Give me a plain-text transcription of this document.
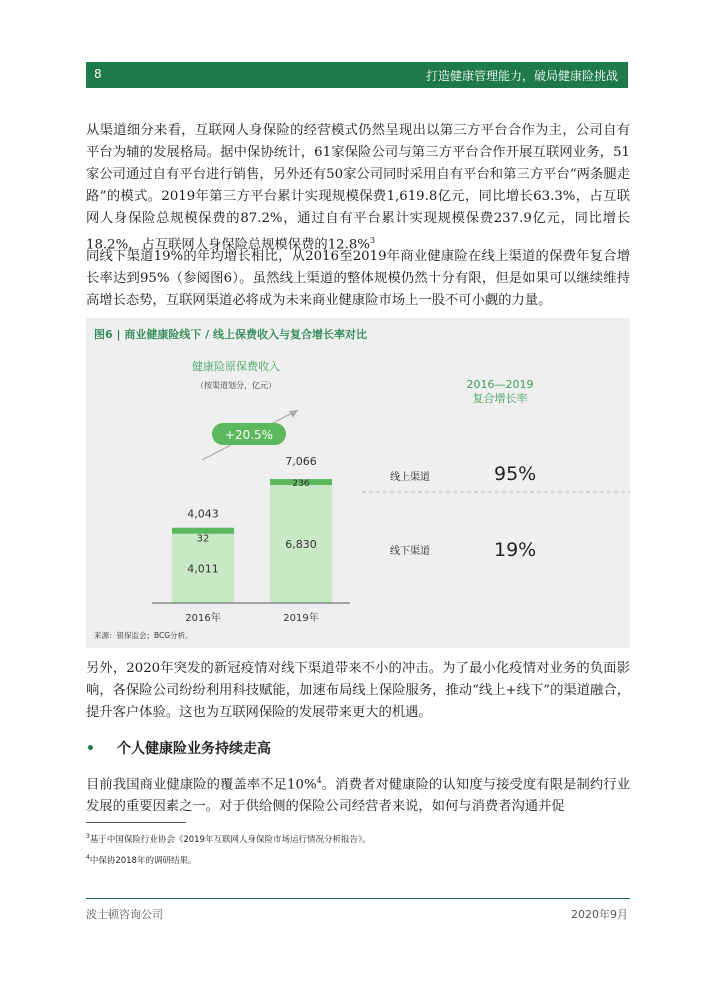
8	打造健康管理能力，破局健康险挑战

从渠道细分来看，互联网人身保险的经营模式仍然呈现出以第三方平台合作为主，公司自有平台为辅的发展格局。据中保协统计，61家保险公司与第三方平台合作开展互联网业务，51家公司通过自有平台进行销售，另外还有50家公司同时采用自有平台和第三方平台“两条腿走路”的模式。2019年第三方平台累计实现规模保费1,619.8亿元，同比增长63.3%，占互联网人身保险总规模保费的87.2%，通过自有平台累计实现规模保费237.9亿元，同比增长18.2%，占互联网人身保险总规模保费的12.8%$^3$

同线下渠道19%的年均增长相比，从2016至2019年商业健康险在线上渠道的保费年复合增长率达到95%（参阅图6）。虽然线上渠道的整体规模仍然十分有限，但是如果可以继续维持高增长态势，互联网渠道必将成为未来商业健康险市场上一股不可小觑的力量。

图6 | 商业健康险线下 / 线上保费收入与复合增长率对比
健康险原保费收入
（按渠道划分，亿元）
+20.5%
4,011
32
4,043
2016年
6,830
236
7,066
2019年
2016—2019
复合增长率
线上渠道	95%
线下渠道	19%
来源：银保监会；BCG分析。

另外，2020年突发的新冠疫情对线下渠道带来不小的冲击。为了最小化疫情对业务的负面影响，各保险公司纷纷利用科技赋能，加速布局线上保险服务，推动“线上+线下”的渠道融合，提升客户体验。这也为互联网保险的发展带来更大的机遇。

• 个人健康险业务持续走高

目前我国商业健康险的覆盖率不足10%$^4$。消费者对健康险的认知度与接受度有限是制约行业发展的重要因素之一。对于供给侧的保险公司经营者来说，如何与消费者沟通并促

$^3$基于中国保险行业协会《2019年互联网人身保险市场运行情况分析报告》。
$^4$中保协2018年的调研结果。
波士顿咨询公司	2020年9月
